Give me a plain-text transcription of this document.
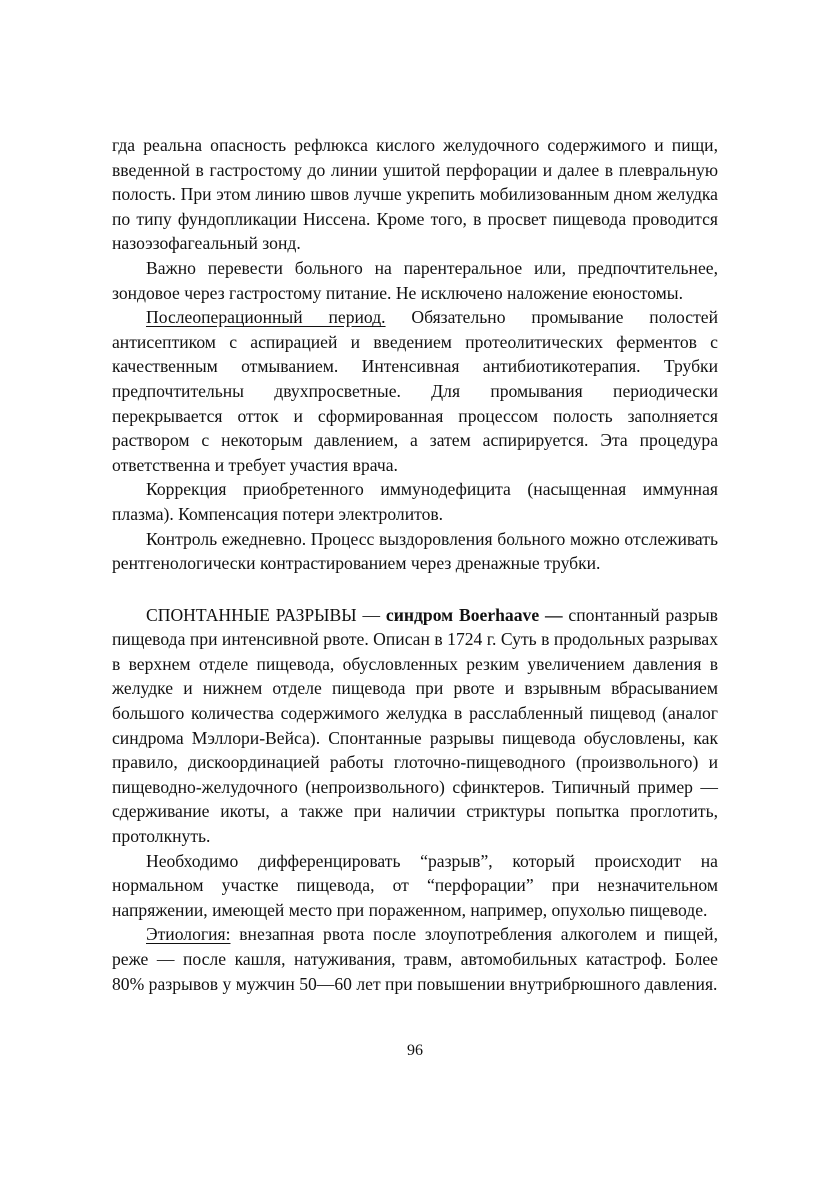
гда реальна опасность рефлюкса кислого желудочного содержимого и пищи, введенной в гастростому до линии ушитой перфорации и далее в плевральную полость. При этом линию швов лучше укрепить мобилизованным дном желудка по типу фундопликации Ниссена. Кроме того, в просвет пищевода проводится назоэзофагеальный зонд.

Важно перевести больного на парентеральное или, предпочтительнее, зондовое через гастростому питание. Не исключено наложение еюностомы.

Послеоперационный период. Обязательно промывание полостей антисептиком с аспирацией и введением протеолитических ферментов с качественным отмыванием. Интенсивная антибиотикотерапия. Трубки предпочтительны двухпросветные. Для промывания периодически перекрывается отток и сформированная процессом полость заполняется раствором с некоторым давлением, а затем аспирируется. Эта процедура ответственна и требует участия врача.

Коррекция приобретенного иммунодефицита (насыщенная иммунная плазма). Компенсация потери электролитов.

Контроль ежедневно. Процесс выздоровления больного можно отслеживать рентгенологически контрастированием через дренажные трубки.

СПОНТАННЫЕ РАЗРЫВЫ — синдром Boerhaave — спонтанный разрыв пищевода при интенсивной рвоте. Описан в 1724 г. Суть в продольных разрывах в верхнем отделе пищевода, обусловленных резким увеличением давления в желудке и нижнем отделе пищевода при рвоте и взрывным вбрасыванием большого количества содержимого желудка в расслабленный пищевод (аналог синдрома Мэллори-Вейса). Спонтанные разрывы пищевода обусловлены, как правило, дискоординацией работы глоточно-пищеводного (произвольного) и пищеводно-желудочного (непроизвольного) сфинктеров. Типичный пример — сдерживание икоты, а также при наличии стриктуры попытка проглотить, протолкнуть.

Необходимо дифференцировать “разрыв”, который происходит на нормальном участке пищевода, от “перфорации” при незначительном напряжении, имеющей место при пораженном, например, опухолью пищеводе.

Этиология: внезапная рвота после злоупотребления алкоголем и пищей, реже — после кашля, натуживания, травм, автомобильных катастроф. Более 80% разрывов у мужчин 50—60 лет при повышении внутрибрюшного давления.

96
